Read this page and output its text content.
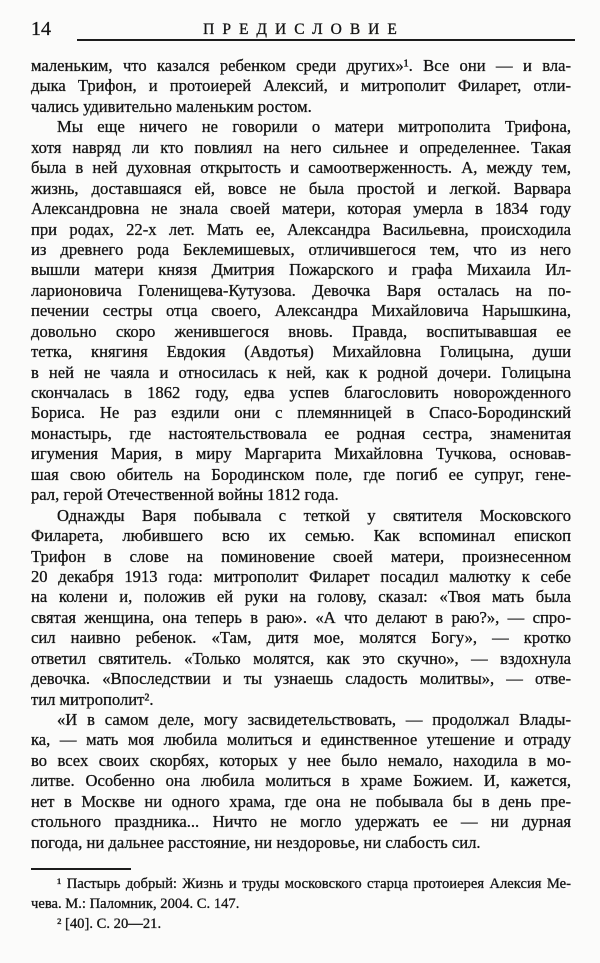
14	ПРЕДИСЛОВИЕ
маленьким, что казался ребенком среди других»¹. Все они — и вла-
дыка Трифон, и протоиерей Алексий, и митрополит Филарет, отли-
чались удивительно маленьким ростом.
Мы еще ничего не говорили о матери митрополита Трифона,
хотя навряд ли кто повлиял на него сильнее и определеннее. Такая
была в ней духовная открытость и самоотверженность. А, между тем,
жизнь, доставшаяся ей, вовсе не была простой и легкой. Варвара
Александровна не знала своей матери, которая умерла в 1834 году
при родах, 22-х лет. Мать ее, Александра Васильевна, происходила
из древнего рода Беклемишевых, отличившегося тем, что из него
вышли матери князя Дмитрия Пожарского и графа Михаила Ил-
ларионовича Голенищева-Кутузова. Девочка Варя осталась на по-
печении сестры отца своего, Александра Михайловича Нарышкина,
довольно скоро женившегося вновь. Правда, воспитывавшая ее
тетка, княгиня Евдокия (Авдотья) Михайловна Голицына, души
в ней не чаяла и относилась к ней, как к родной дочери. Голицына
скончалась в 1862 году, едва успев благословить новорожденного
Бориса. Не раз ездили они с племянницей в Спасо-Бородинский
монастырь, где настоятельствовала ее родная сестра, знаменитая
игумения Мария, в миру Маргарита Михайловна Тучкова, основав-
шая свою обитель на Бородинском поле, где погиб ее супруг, гене-
рал, герой Отечественной войны 1812 года.
Однажды Варя побывала с теткой у святителя Московского
Филарета, любившего всю их семью. Как вспоминал епископ
Трифон в слове на поминовение своей матери, произнесенном
20 декабря 1913 года: митрополит Филарет посадил малютку к себе
на колени и, положив ей руки на голову, сказал: «Твоя мать была
святая женщина, она теперь в раю». «А что делают в раю?», — спро-
сил наивно ребенок. «Там, дитя мое, молятся Богу», — кротко
ответил святитель. «Только молятся, как это скучно», — вздохнула
девочка. «Впоследствии и ты узнаешь сладость молитвы», — отве-
тил митрополит².
«И в самом деле, могу засвидетельствовать, — продолжал Влады-
ка, — мать моя любила молиться и единственное утешение и отраду
во всех своих скорбях, которых у нее было немало, находила в мо-
литве. Особенно она любила молиться в храме Божием. И, кажется,
нет в Москве ни одного храма, где она не побывала бы в день пре-
стольного праздника... Ничто не могло удержать ее — ни дурная
погода, ни дальнее расстояние, ни нездоровье, ни слабость сил.
¹ Пастырь добрый: Жизнь и труды московского старца протоиерея Алексия Ме-
чева. М.: Паломник, 2004. С. 147.
² [40]. С. 20—21.
